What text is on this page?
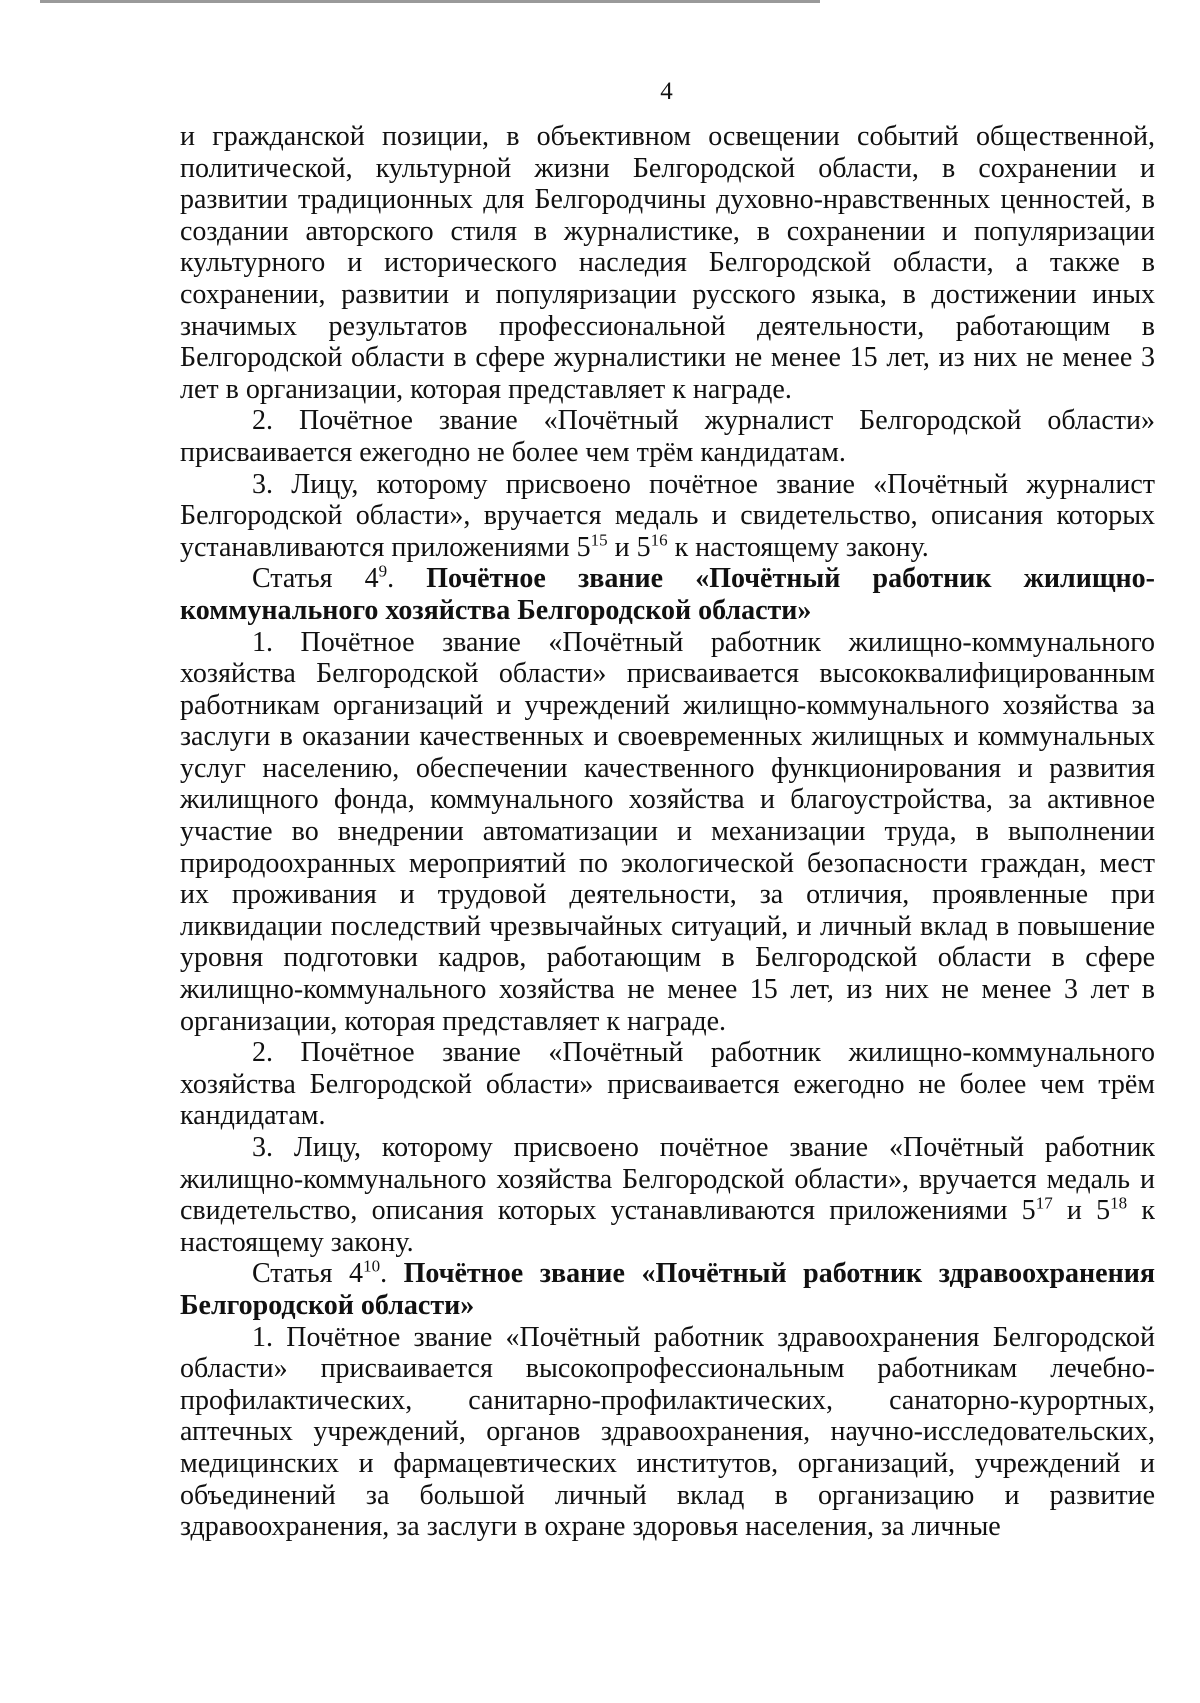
4

и гражданской позиции, в объективном освещении событий общественной, политической, культурной жизни Белгородской области, в сохранении и развитии традиционных для Белгородчины духовно-нравственных ценностей, в создании авторского стиля в журналистике, в сохранении и популяризации культурного и исторического наследия Белгородской области, а также в сохранении, развитии и популяризации русского языка, в достижении иных значимых результатов профессиональной деятельности, работающим в Белгородской области в сфере журналистики не менее 15 лет, из них не менее 3 лет в организации, которая представляет к награде.

2. Почётное звание «Почётный журналист Белгородской области» присваивается ежегодно не более чем трём кандидатам.

3. Лицу, которому присвоено почётное звание «Почётный журналист Белгородской области», вручается медаль и свидетельство, описания которых устанавливаются приложениями $5^{15}$ и $5^{16}$ к настоящему закону.

Статья $4^9$. Почётное звание «Почётный работник жилищно-коммунального хозяйства Белгородской области»

1. Почётное звание «Почётный работник жилищно-коммунального хозяйства Белгородской области» присваивается высококвалифицированным работникам организаций и учреждений жилищно-коммунального хозяйства за заслуги в оказании качественных и своевременных жилищных и коммунальных услуг населению, обеспечении качественного функционирования и развития жилищного фонда, коммунального хозяйства и благоустройства, за активное участие во внедрении автоматизации и механизации труда, в выполнении природоохранных мероприятий по экологической безопасности граждан, мест их проживания и трудовой деятельности, за отличия, проявленные при ликвидации последствий чрезвычайных ситуаций, и личный вклад в повышение уровня подготовки кадров, работающим в Белгородской области в сфере жилищно-коммунального хозяйства не менее 15 лет, из них не менее 3 лет в организации, которая представляет к награде.

2. Почётное звание «Почётный работник жилищно-коммунального хозяйства Белгородской области» присваивается ежегодно не более чем трём кандидатам.

3. Лицу, которому присвоено почётное звание «Почётный работник жилищно-коммунального хозяйства Белгородской области», вручается медаль и свидетельство, описания которых устанавливаются приложениями $5^{17}$ и $5^{18}$ к настоящему закону.

Статья $4^{10}$. Почётное звание «Почётный работник здравоохранения Белгородской области»

1. Почётное звание «Почётный работник здравоохранения Белгородской области» присваивается высокопрофессиональным работникам лечебно-профилактических, санитарно-профилактических, санаторно-курортных, аптечных учреждений, органов здравоохранения, научно-исследовательских, медицинских и фармацевтических институтов, организаций, учреждений и объединений за большой личный вклад в организацию и развитие здравоохранения, за заслуги в охране здоровья населения, за личные
